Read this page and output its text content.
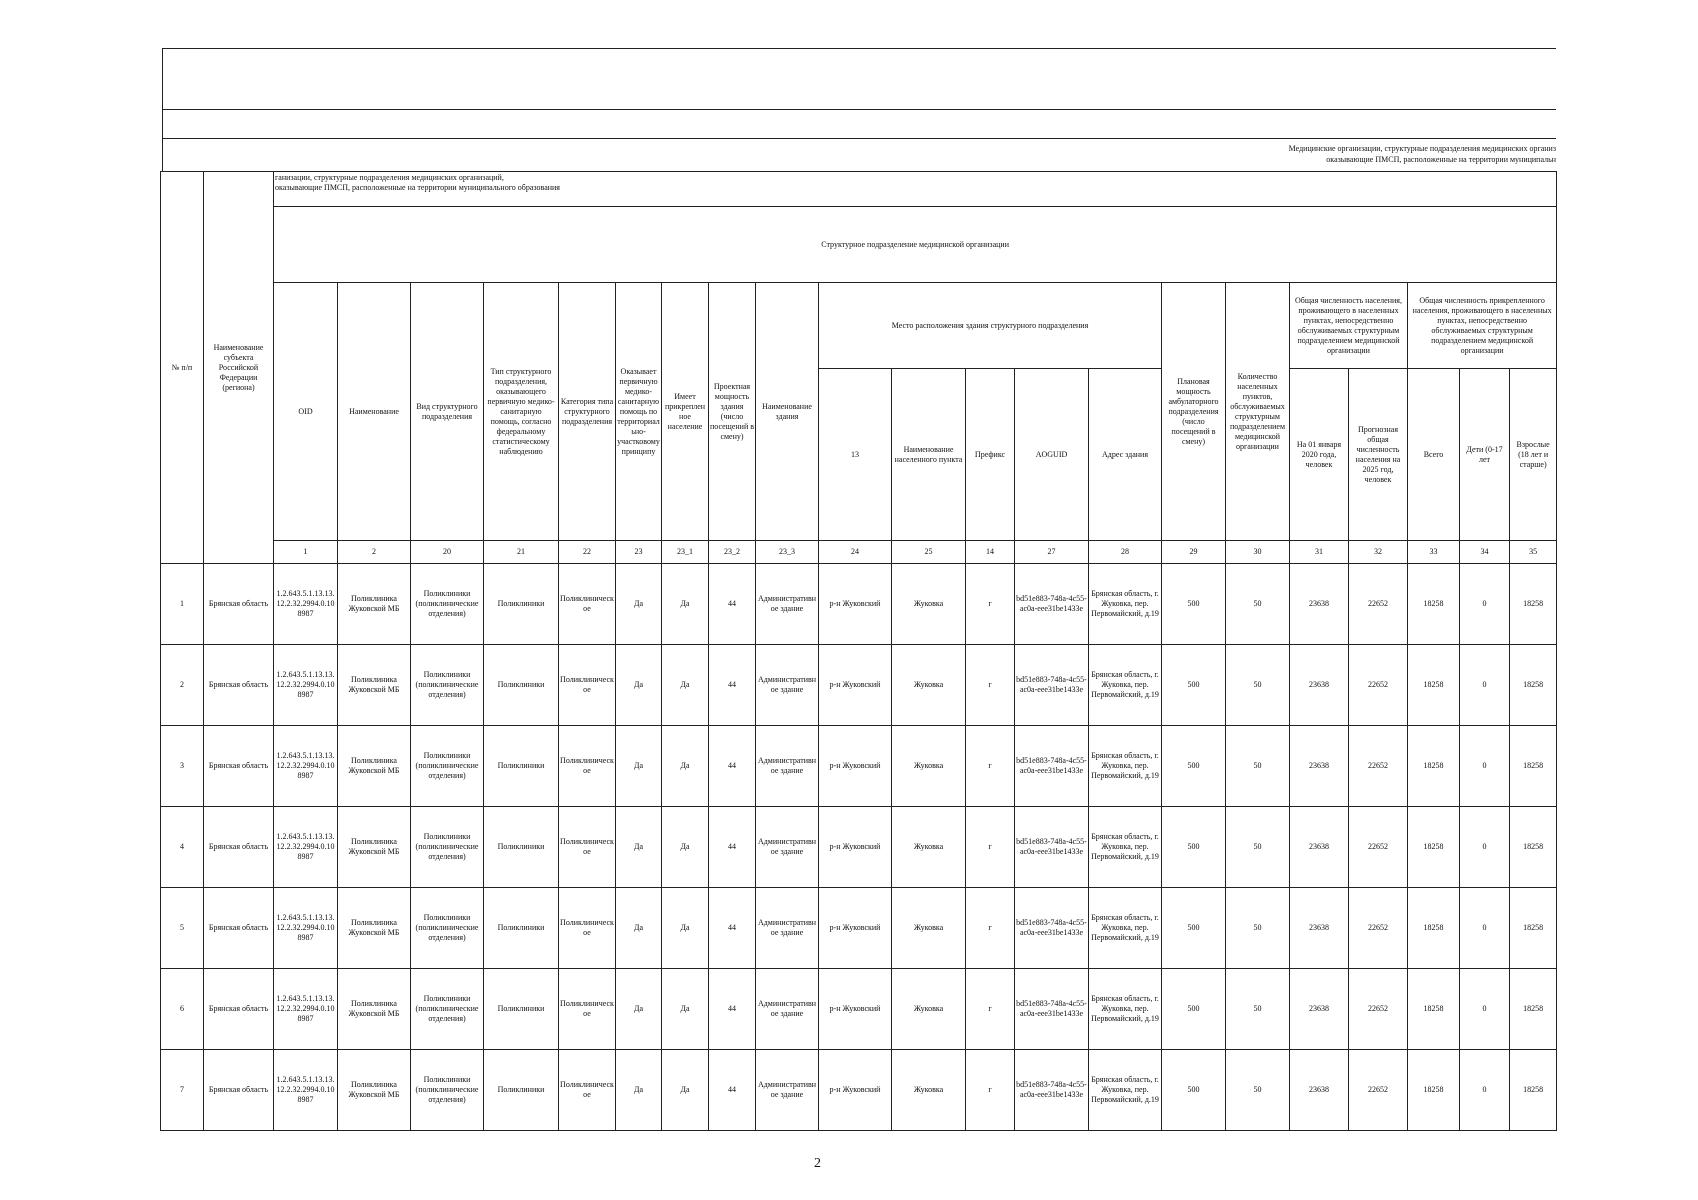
Медицинские организации, структурные подразделения медицинских организ
оказывающие ПМСП, расположенные на территории муниципальн
№ п/п	Наименование субъекта Российской Федерации (региона)	ганизации, структурные подразделения медицинских организаций,
оказывающие ПМСП, расположенные на территории муниципального образования																					

		Структурное подразделение медицинской организации																					
		OID	Наименование	Вид структурного подразделения	Тип структурного подразделения, оказывающего первичную медико-санитарную помощь, согласно федеральному статистическому наблюдению	Категория типа структурного подразделения	Оказывает первичную медико-санитарную помощь по территориально-участковому принципу	Имеет прикрепленное население	Проектная мощность здания (число посещений в смену)	Наименование здания	Место расположения здания структурного подразделения					Плановая мощность амбулаторного подразделения (число посещений в смену)	Количество населенных пунктов, обслуживаемых структурным подразделением медицинской организации	Общая численность населения, проживающего в населенных пунктах, непосредственно обслуживаемых структурным подразделением медицинской организации		Общая численность прикрепленного населения, проживающего в населенных пунктах, непосредственно обслуживаемых структурным подразделением медицинской организации			
											13	Наименование населенного пункта	Префикс	AOGUID	Адрес здания			На 01 января 2020 года, человек	Прогнозная общая численность населения на 2025 год, человек	Всего	Дети (0-17 лет	Взрослые (18 лет и старше)	
		1	2	20	21	22	23	23_1	23_2	23_3	24	25	14	27	28	29	30	31	32	33	34	35		
1	Брянская область	1.2.643.5.1.13.13.12.2.32.2994.0.108987	Поликлиника Жуковской МБ	Поликлиники (поликлинические отделения)	Поликлиники	Поликлиническое	Да	Да	44	Административное здание	р-н Жуковский	Жуковка	г	bd51e883-748a-4c55-ac0a-eee31be1433e	Брянская область, г. Жуковка, пер. Первомайский, д.19	500	50	23638	22652	18258	0	18258	
2	Брянская область	1.2.643.5.1.13.13.12.2.32.2994.0.108987	Поликлиника Жуковской МБ	Поликлиники (поликлинические отделения)	Поликлиники	Поликлиническое	Да	Да	44	Административное здание	р-н Жуковский	Жуковка	г	bd51e883-748a-4c55-ac0a-eee31be1433e	Брянская область, г. Жуковка, пер. Первомайский, д.19	500	50	23638	22652	18258	0	18258	
3	Брянская область	1.2.643.5.1.13.13.12.2.32.2994.0.108987	Поликлиника Жуковской МБ	Поликлиники (поликлинические отделения)	Поликлиники	Поликлиническое	Да	Да	44	Административное здание	р-н Жуковский	Жуковка	г	bd51e883-748a-4c55-ac0a-eee31be1433e	Брянская область, г. Жуковка, пер. Первомайский, д.19	500	50	23638	22652	18258	0	18258	
4	Брянская область	1.2.643.5.1.13.13.12.2.32.2994.0.108987	Поликлиника Жуковской МБ	Поликлиники (поликлинические отделения)	Поликлиники	Поликлиническое	Да	Да	44	Административное здание	р-н Жуковский	Жуковка	г	bd51e883-748a-4c55-ac0a-eee31be1433e	Брянская область, г. Жуковка, пер. Первомайский, д.19	500	50	23638	22652	18258	0	18258	
5	Брянская область	1.2.643.5.1.13.13.12.2.32.2994.0.108987	Поликлиника Жуковской МБ	Поликлиники (поликлинические отделения)	Поликлиники	Поликлиническое	Да	Да	44	Административное здание	р-н Жуковский	Жуковка	г	bd51e883-748a-4c55-ac0a-eee31be1433e	Брянская область, г. Жуковка, пер. Первомайский, д.19	500	50	23638	22652	18258	0	18258	
6	Брянская область	1.2.643.5.1.13.13.12.2.32.2994.0.108987	Поликлиника Жуковской МБ	Поликлиники (поликлинические отделения)	Поликлиники	Поликлиническое	Да	Да	44	Административное здание	р-н Жуковский	Жуковка	г	bd51e883-748a-4c55-ac0a-eee31be1433e	Брянская область, г. Жуковка, пер. Первомайский, д.19	500	50	23638	22652	18258	0	18258	
7	Брянская область	1.2.643.5.1.13.13.12.2.32.2994.0.108987	Поликлиника Жуковской МБ	Поликлиники (поликлинические отделения)	Поликлиники	Поликлиническое	Да	Да	44	Административное здание	р-н Жуковский	Жуковка	г	bd51e883-748a-4c55-ac0a-eee31be1433e	Брянская область, г. Жуковка, пер. Первомайский, д.19	500	50	23638	22652	18258	0	18258	
2
